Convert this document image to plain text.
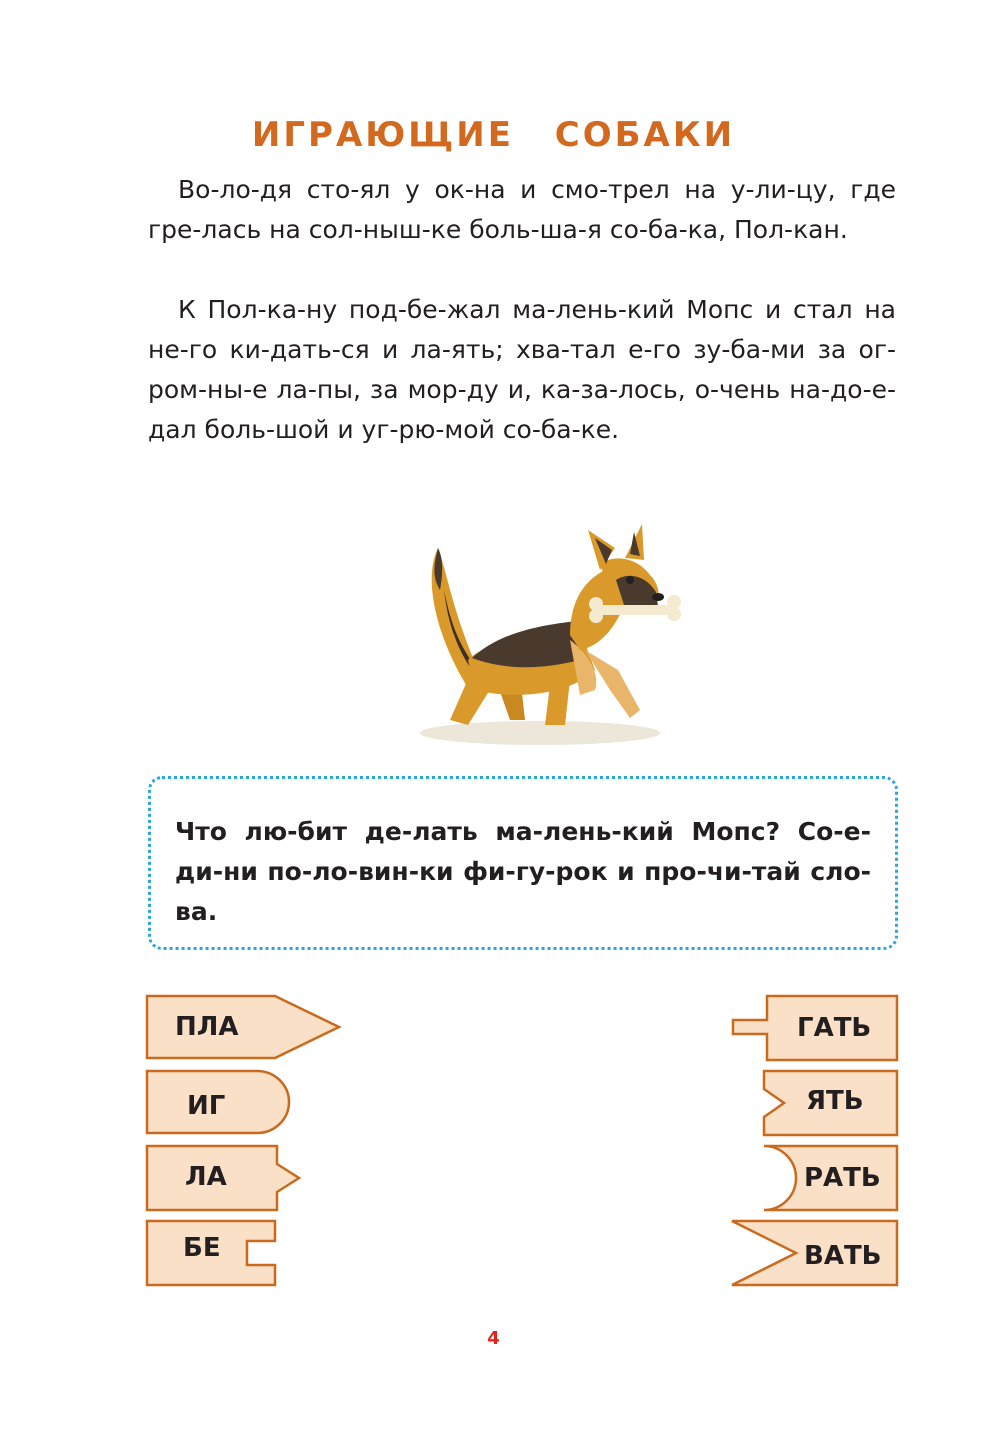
ИГРАЮЩИЕ СОБАКИ

Во-ло-дя сто-ял у ок-на и смо-трел на у-ли-цу, где гре-лась на сол-ныш-ке боль-ша-я со-ба-ка, Пол-кан.

К Пол-ка-ну под-бе-жал ма-лень-кий Мопс и стал на не-го ки-дать-ся и ла-ять; хва-тал е-го зу-ба-ми за ог-ром-ны-е ла-пы, за мор-ду и, ка-за-лось, о-чень на-до-е-дал боль-шой и уг-рю-мой со-ба-ке.

Что лю-бит де-лать ма-лень-кий Мопс? Со-е-ди-ни по-ло-вин-ки фи-гу-рок и про-чи-тай сло-ва.

ПЛА
ИГ
ЛА
БЕ
ГАТЬ
ЯТЬ
РАТЬ
ВАТЬ
4
